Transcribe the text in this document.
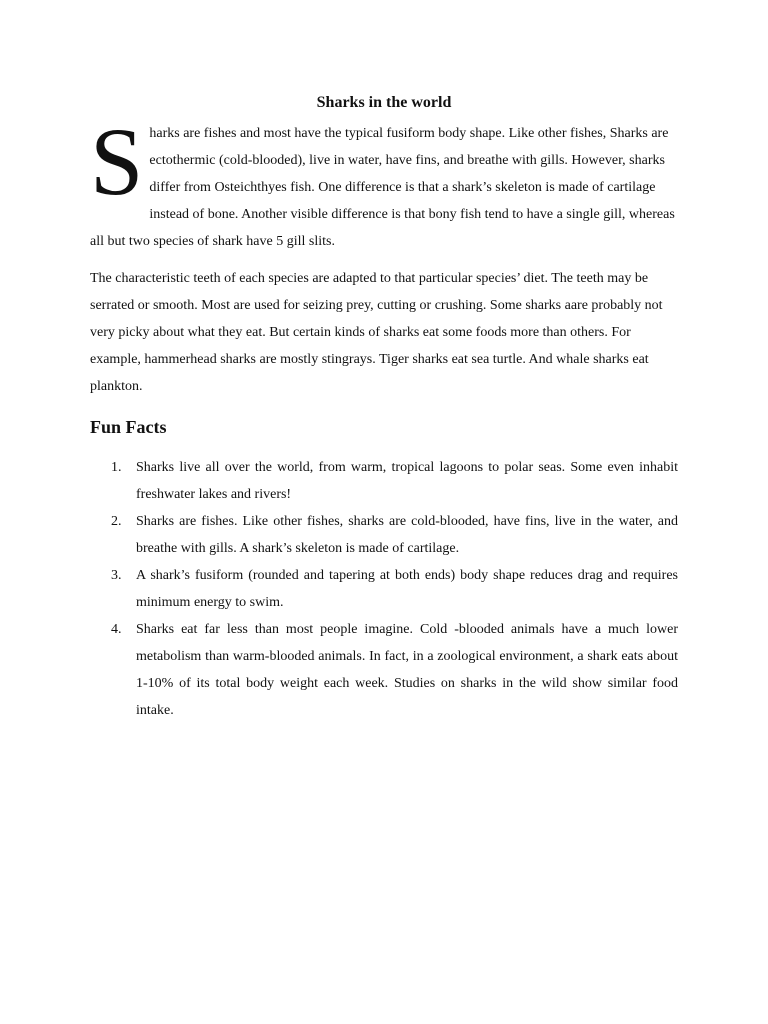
Sharks in the world

Sharks are fishes and most have the typical fusiform body shape. Like other fishes, Sharks are ectothermic (cold-blooded), live in water, have fins, and breathe with gills. However, sharks differ from Osteichthyes fish. One difference is that a shark’s skeleton is made of cartilage instead of bone. Another visible difference is that bony fish tend to have a single gill, whereas all but two species of shark have 5 gill slits.

The characteristic teeth of each species are adapted to that particular species’ diet. The teeth may be serrated or smooth. Most are used for seizing prey, cutting or crushing. Some sharks aare probably not very picky about what they eat. But certain kinds of sharks eat some foods more than others. For example, hammerhead sharks are mostly stingrays. Tiger sharks eat sea turtle. And whale sharks eat plankton.

Fun Facts
1. Sharks live all over the world, from warm, tropical lagoons to polar seas. Some even inhabit freshwater lakes and rivers!
2. Sharks are fishes. Like other fishes, sharks are cold-blooded, have fins, live in the water, and breathe with gills. A shark’s skeleton is made of cartilage.
3. A shark’s fusiform (rounded and tapering at both ends) body shape reduces drag and requires minimum energy to swim.
4. Sharks eat far less than most people imagine. Cold -blooded animals have a much lower metabolism than warm-blooded animals. In fact, in a zoological environment, a shark eats about 1-10% of its total body weight each week. Studies on sharks in the wild show similar food intake.
